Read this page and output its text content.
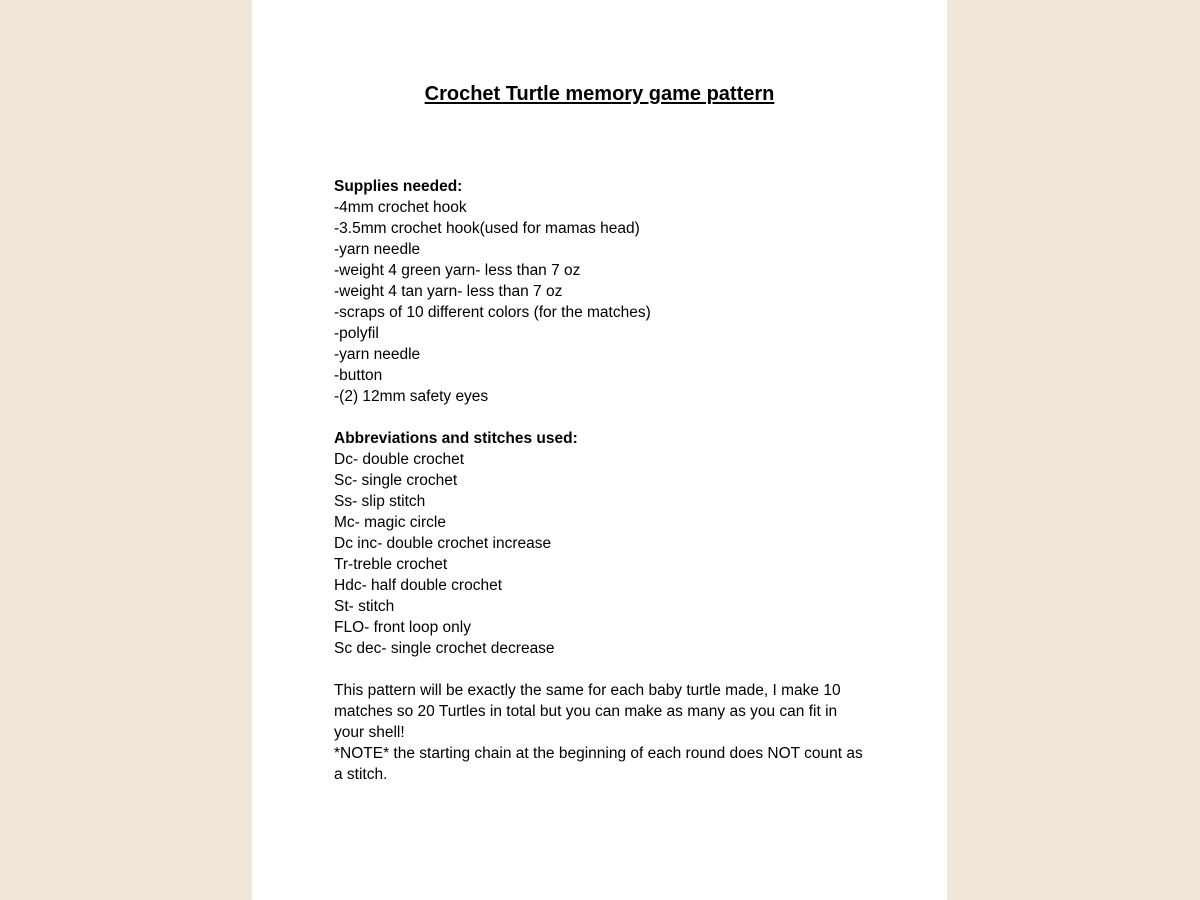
Crochet Turtle memory game pattern

Supplies needed:

-4mm crochet hook

-3.5mm crochet hook(used for mamas head)

-yarn needle

-weight 4 green yarn- less than 7 oz

-weight 4 tan yarn- less than 7 oz

-scraps of 10 different colors (for the matches)

-polyfil

-yarn needle

-button

-(2) 12mm safety eyes

Abbreviations and stitches used:

Dc- double crochet

Sc- single crochet

Ss- slip stitch

Mc- magic circle

Dc inc- double crochet increase

Tr-treble crochet

Hdc- half double crochet

St- stitch

FLO- front loop only

Sc dec- single crochet decrease

This pattern will be exactly the same for each baby turtle made, I make 10 matches so 20 Turtles in total but you can make as many as you can fit in your shell!

*NOTE* the starting chain at the beginning of each round does NOT count as a stitch.
